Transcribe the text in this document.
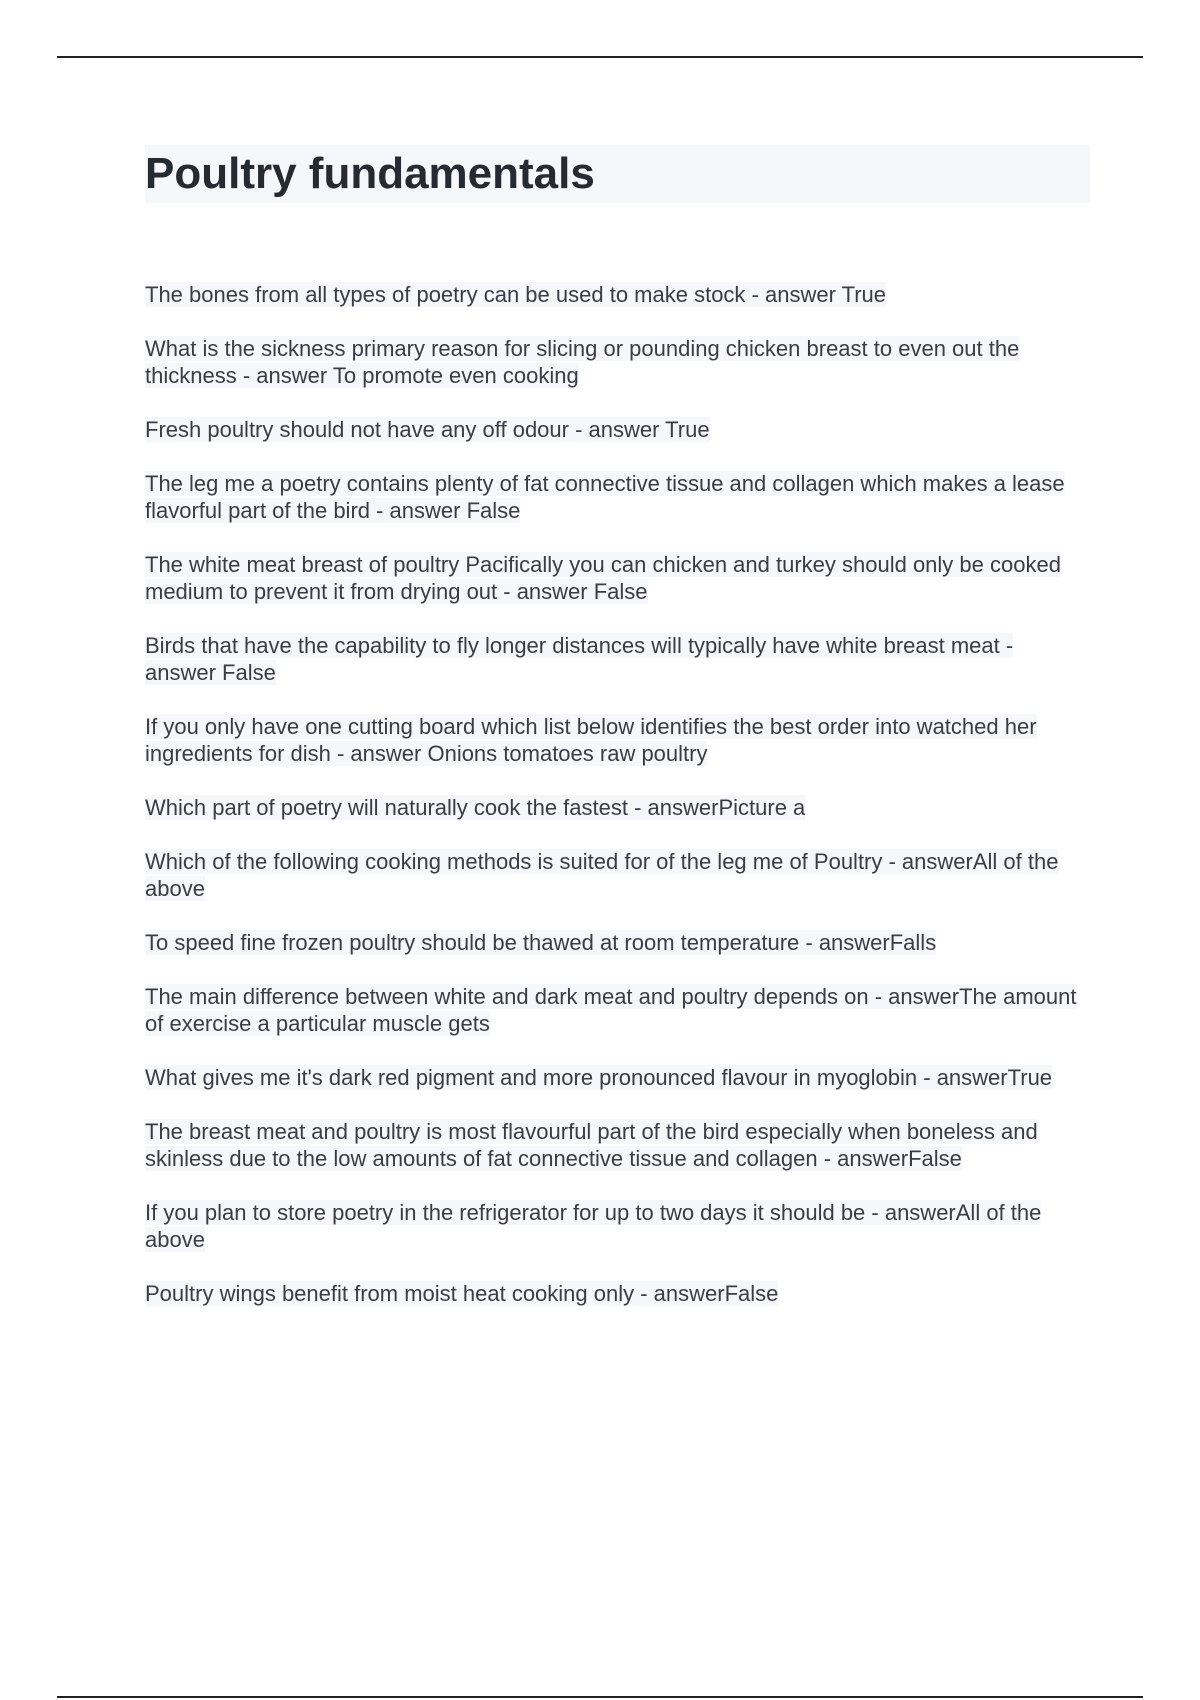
Poultry fundamentals
The bones from all types of poetry can be used to make stock - answer True
What is the sickness primary reason for slicing or pounding chicken breast to even out the thickness - answer To promote even cooking
Fresh poultry should not have any off odour - answer True
The leg me a poetry contains plenty of fat connective tissue and collagen which makes a lease flavorful part of the bird - answer False
The white meat breast of poultry Pacifically you can chicken and turkey should only be cooked medium to prevent it from drying out - answer False
Birds that have the capability to fly longer distances will typically have white breast meat - answer False
If you only have one cutting board which list below identifies the best order into watched her ingredients for dish - answer Onions tomatoes raw poultry
Which part of poetry will naturally cook the fastest - answerPicture a
Which of the following cooking methods is suited for of the leg me of Poultry - answerAll of the above
To speed fine frozen poultry should be thawed at room temperature - answerFalls
The main difference between white and dark meat and poultry depends on - answerThe amount of exercise a particular muscle gets
What gives me it's dark red pigment and more pronounced flavour in myoglobin - answerTrue
The breast meat and poultry is most flavourful part of the bird especially when boneless and skinless due to the low amounts of fat connective tissue and collagen - answerFalse
If you plan to store poetry in the refrigerator for up to two days it should be - answerAll of the above
Poultry wings benefit from moist heat cooking only - answerFalse
